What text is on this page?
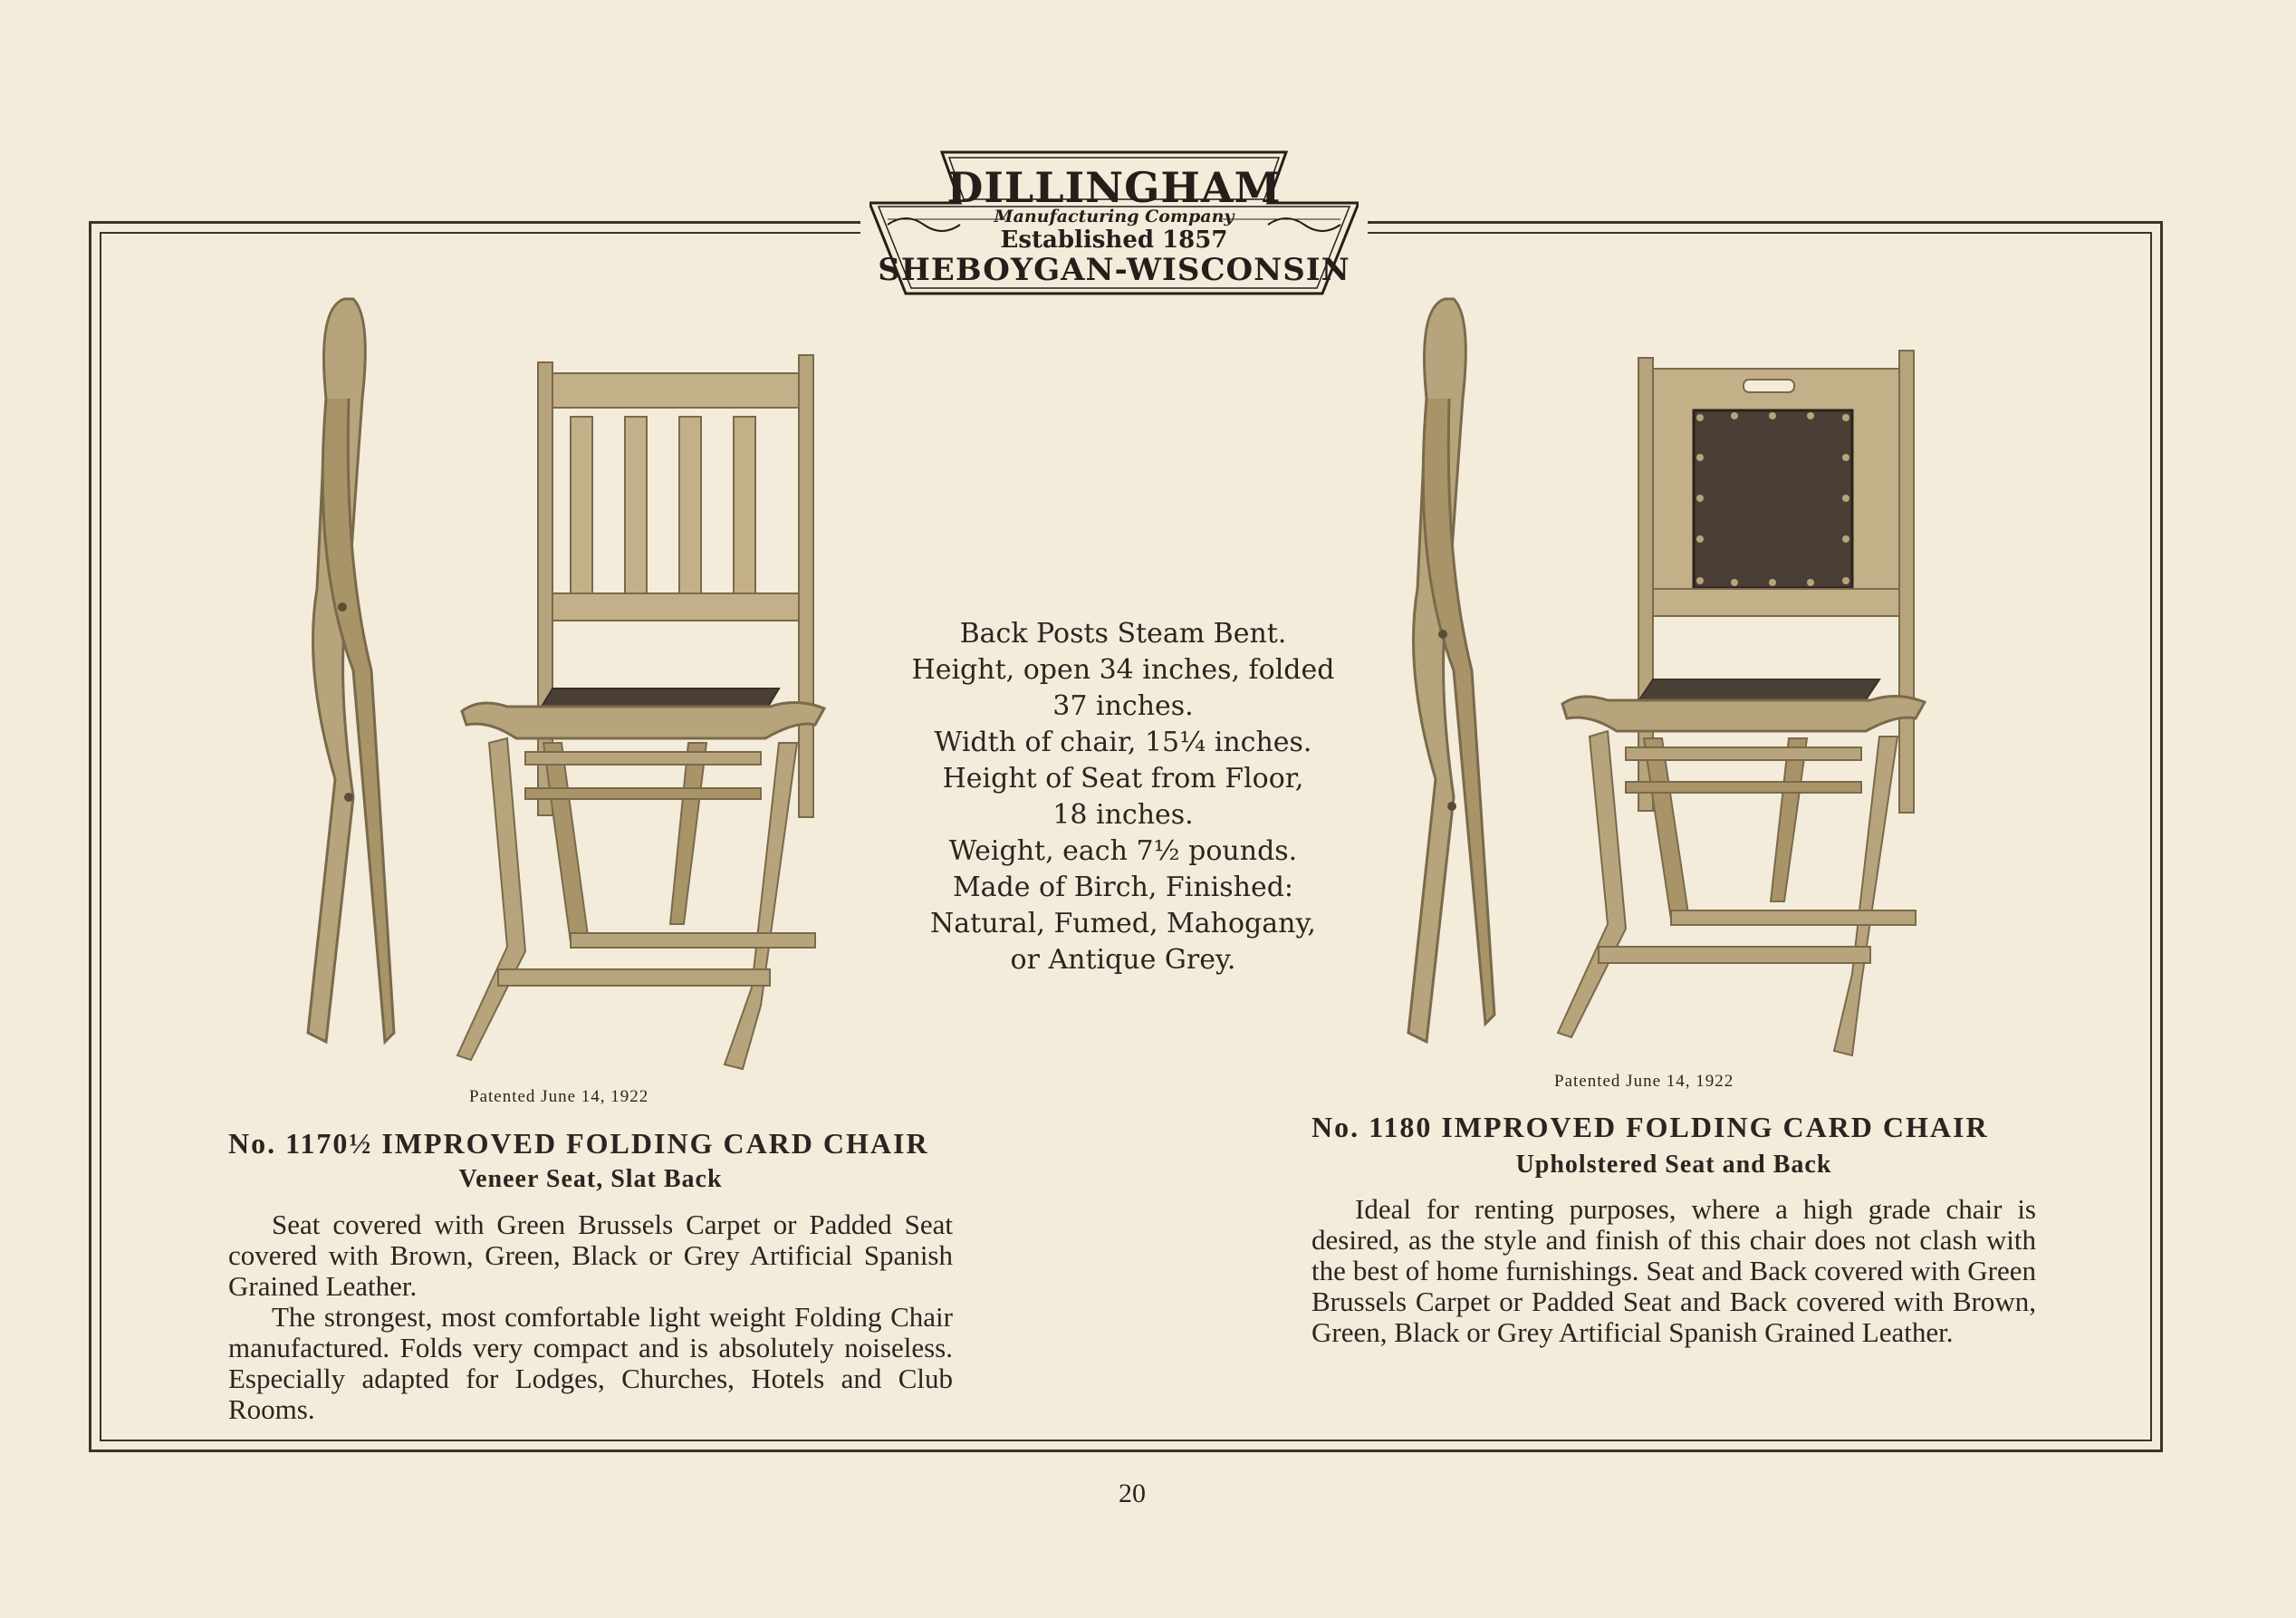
DILLINGHAM
Manufacturing Company
Established 1857
SHEBOYGAN-WISCONSIN
Back Posts Steam Bent.
Height, open 34 inches, folded
37 inches.
Width of chair, 15¼ inches.
Height of Seat from Floor,
18 inches.
Weight, each 7½ pounds.
Made of Birch, Finished:
Natural, Fumed, Mahogany,
or Antique Grey.
Patented June 14, 1922
No. 1170½ IMPROVED FOLDING CARD CHAIR
Veneer Seat, Slat Back

Seat covered with Green Brussels Carpet or Padded Seat covered with Brown, Green, Black or Grey Artificial Spanish Grained Leather.

The strongest, most comfortable light weight Folding Chair manufactured. Folds very compact and is absolutely noiseless. Especially adapted for Lodges, Churches, Hotels and Club Rooms.

Patented June 14, 1922
No. 1180 IMPROVED FOLDING CARD CHAIR
Upholstered Seat and Back

Ideal for renting purposes, where a high grade chair is desired, as the style and finish of this chair does not clash with the best of home furnishings. Seat and Back covered with Green Brussels Carpet or Padded Seat and Back covered with Brown, Green, Black or Grey Artificial Spanish Grained Leather.

20
